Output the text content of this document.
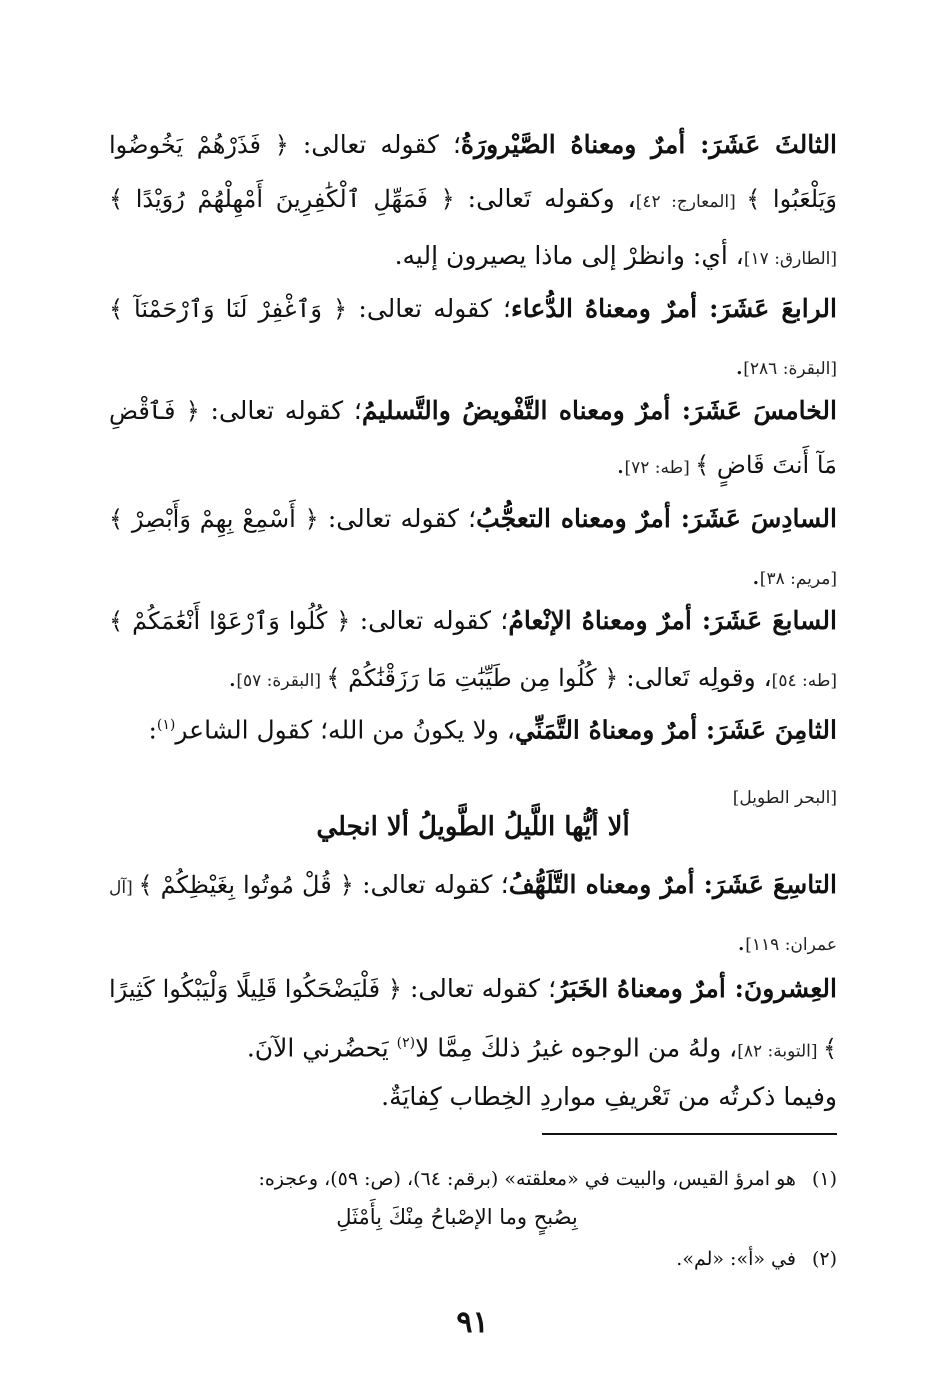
الثالثَ عَشَرَ: أمرٌ ومعناهُ الصَّيْرورَةُ؛ كقوله تعالى: ﴿ فَذَرْهُمْ يَخُوضُوا وَيَلْعَبُوا ﴾ [المعارج: ٤٢]، وكقوله تَعالى: ﴿ فَمَهِّلِ ٱلْكَٰفِرِينَ أَمْهِلْهُمْ رُوَيْدًا ﴾ [الطارق: ١٧]، أي: وانظرْ إلى ماذا يصيرون إليه.
الرابعَ عَشَرَ: أمرٌ ومعناهُ الدُّعاء؛ كقوله تعالى: ﴿ وَٱغْفِرْ لَنَا وَٱرْحَمْنَآ ﴾ [البقرة: ٢٨٦].
الخامسَ عَشَرَ: أمرٌ ومعناه التَّفْويضُ والتَّسليمُ؛ كقوله تعالى: ﴿ فَٱقْضِ مَآ أَنتَ قَاضٍ ﴾ [طه: ٧٢].
السادِسَ عَشَرَ: أمرٌ ومعناه التعجُّبُ؛ كقوله تعالى: ﴿ أَسْمِعْ بِهِمْ وَأَبْصِرْ ﴾ [مريم: ٣٨].
السابعَ عَشَرَ: أمرٌ ومعناهُ الإنْعامُ؛ كقوله تعالى: ﴿ كُلُوا وَٱرْعَوْا أَنْعَٰمَكُمْ ﴾ [طه: ٥٤]، وقولِه تَعالى: ﴿ كُلُوا مِن طَيِّبَٰتِ مَا رَزَقْنَٰكُمْ ﴾ [البقرة: ٥٧].
الثامِنَ عَشَرَ: أمرٌ ومعناهُ التَّمَنِّي، ولا يكونُ من الله؛ كقول الشاعر$^{(١)}$:
[البحر الطويل]
ألا أيُّها اللَّيلُ الطَّويلُ ألا انجلي
التاسِعَ عَشَرَ: أمرٌ ومعناه التَّلَهُّفُ؛ كقوله تعالى: ﴿ قُلْ مُوتُوا بِغَيْظِكُمْ ﴾ [آل عمران: ١١٩].
العِشرونَ: أمرٌ ومعناهُ الخَبَرُ؛ كقوله تعالى: ﴿ فَلْيَضْحَكُوا قَلِيلًا وَلْيَبْكُوا كَثِيرًا ﴾ [التوبة: ٨٢]، ولهُ من الوجوه غيرُ ذلكَ مِمَّا لا$^{(٢)}$ يَحضُرني الآنَ.
وفيما ذكرتُه من تَعْريفِ مواردِ الخِطاب كِفايَةٌ.
(١)هو امرؤ القيس، والبيت في «معلقته» (برقم: ٦٤)، (ص: ٥٩)، وعجزه:
بِصُبحٍ وما الإصْباحُ مِنْكَ بِأَمْثَلِ
(٢)في «أ»: «لم».
٩١
